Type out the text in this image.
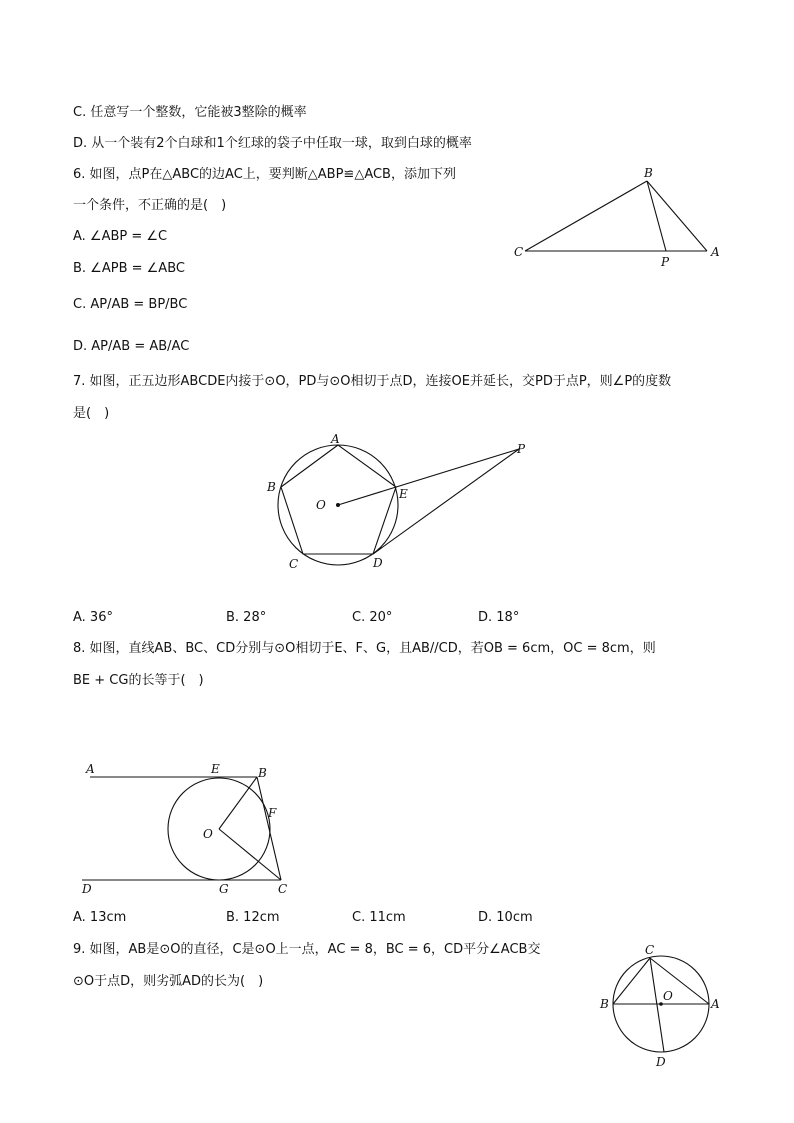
C. 任意写一个整数，它能被3整除的概率
D. 从一个装有2个白球和1个红球的袋子中任取一球，取到白球的概率
6. 如图，点P在△ABC的边AC上，要判断△ABP≌△ACB，添加下列
一个条件，不正确的是(　)
A. ∠ABP = ∠C
B. ∠APB = ∠ABC
C. AP/AB = BP/BC
D. AP/AB = AB/AC
B
C
P
A
7. 如图，正五边形ABCDE内接于⊙O，PD与⊙O相切于点D，连接OE并延长，交PD于点P，则∠P的度数
是(　)
A
B
C	D
E
O
P
A. 36°	B. 28°	C. 20°	D. 18°
8. 如图，直线AB、BC、CD分别与⊙O相切于E、F、G，且AB//CD，若OB = 6cm，OC = 8cm，则
BE + CG的长等于(　)
A	E	B
F
O
D	G	C
A. 13cm	B. 12cm	C. 11cm	D. 10cm
9. 如图，AB是⊙O的直径，C是⊙O上一点，AC = 8，BC = 6，CD平分∠ACB交
⊙O于点D，则劣弧AD的长为(　)
C
B
O
A
D
